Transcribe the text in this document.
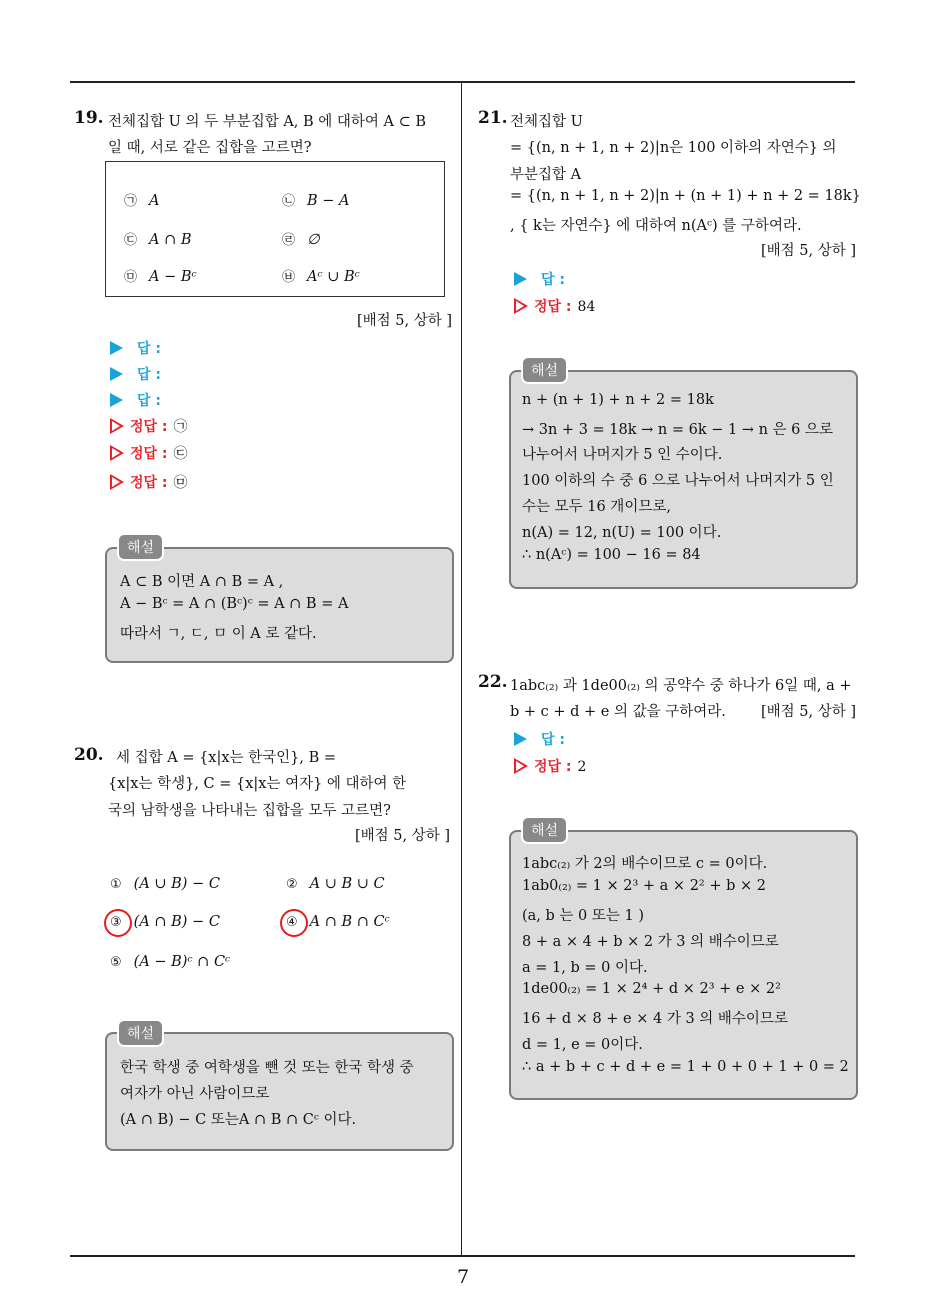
7
19. 전체집합 U 의 두 부분집합 A, B 에 대하여 A ⊂ B
일 때, 서로 같은 집합을 고르면?
㉠ A	㉡ B − A
㉢ A ∩ B	㉣ ∅
㉤ A − Bᶜ	㉥ Aᶜ ∪ Bᶜ
[배점 5, 상하 ]
답 :
답 :
답 :
정답 : ㉠
정답 : ㉢
정답 : ㉤
해설
A ⊂ B 이면 A ∩ B = A ,
A − Bᶜ = A ∩ (Bᶜ)ᶜ = A ∩ B = A
따라서 ㄱ, ㄷ, ㅁ 이 A 로 같다.
20. 세 집합 A = {x|x는 한국인}, B =
{x|x는 학생}, C = {x|x는 여자} 에 대하여 한
국의 남학생을 나타내는 집합을 모두 고르면?
[배점 5, 상하 ]
① (A ∪ B) − C	② A ∪ B ∪ C
③ (A ∩ B) − C	④ A ∩ B ∩ Cᶜ
⑤ (A − B)ᶜ ∩ Cᶜ
해설
한국 학생 중 여학생을 뺀 것 또는 한국 학생 중
여자가 아닌 사람이므로
(A ∩ B) − C 또는A ∩ B ∩ Cᶜ 이다.
21. 전체집합 U
= {(n, n + 1, n + 2)|n은 100 이하의 자연수} 의
부분집합 A
= {(n, n + 1, n + 2)|n + (n + 1) + n + 2 = 18k}
, { k는 자연수} 에 대하여 n(Aᶜ) 를 구하여라.
[배점 5, 상하 ]
답 :
정답 : 84
해설
n + (n + 1) + n + 2 = 18k
→ 3n + 3 = 18k → n = 6k − 1 → n 은 6 으로
나누어서 나머지가 5 인 수이다.
100 이하의 수 중 6 으로 나누어서 나머지가 5 인
수는 모두 16 개이므로,
n(A) = 12, n(U) = 100 이다.
∴ n(Aᶜ) = 100 − 16 = 84
22. 1abc₍₂₎ 과 1de00₍₂₎ 의 공약수 중 하나가 6일 때, a +
b + c + d + e 의 값을 구하여라. [배점 5, 상하 ]
답 :
정답 : 2
해설
1abc₍₂₎ 가 2의 배수이므로 c = 0이다.
1ab0₍₂₎ = 1 × 2³ + a × 2² + b × 2
(a, b 는 0 또는 1 )
8 + a × 4 + b × 2 가 3 의 배수이므로
a = 1, b = 0 이다.
1de00₍₂₎ = 1 × 2⁴ + d × 2³ + e × 2²
16 + d × 8 + e × 4 가 3 의 배수이므로
d = 1, e = 0이다.
∴ a + b + c + d + e = 1 + 0 + 0 + 1 + 0 = 2
